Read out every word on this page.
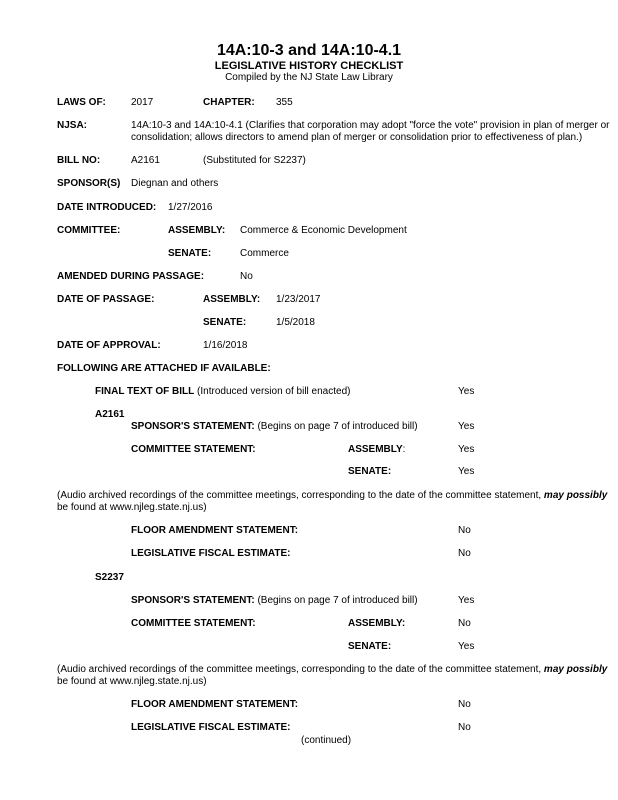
14A:10-3 and 14A:10-4.1
LEGISLATIVE HISTORY CHECKLIST
Compiled by the NJ State Law Library
LAWS OF:	2017	CHAPTER: 355
NJSA:	14A:10-3 and 14A:10-4.1 (Clarifies that corporation may adopt "force the vote" provision in plan of merger or
consolidation; allows directors to amend plan of merger or consolidation prior to effectiveness of plan.)
BILL NO:	A2161	(Substituted for S2237)
SPONSOR(S) Diegnan and others
DATE INTRODUCED: 1/27/2016
COMMITTEE:	ASSEMBLY: Commerce & Economic Development
SENATE:	Commerce
AMENDED DURING PASSAGE:	No
DATE OF PASSAGE:	ASSEMBLY: 1/23/2017
SENATE:	1/5/2018
DATE OF APPROVAL:	1/16/2018
FOLLOWING ARE ATTACHED IF AVAILABLE:
FINAL TEXT OF BILL (Introduced version of bill enacted)	Yes
A2161
SPONSOR'S STATEMENT: (Begins on page 7 of introduced bill)	Yes
COMMITTEE STATEMENT:	ASSEMBLY:	Yes
SENATE:	Yes
(Audio archived recordings of the committee meetings, corresponding to the date of the committee statement, may possibly
be found at www.njleg.state.nj.us)
FLOOR AMENDMENT STATEMENT:	No
LEGISLATIVE FISCAL ESTIMATE:	No
S2237
SPONSOR'S STATEMENT: (Begins on page 7 of introduced bill)	Yes
COMMITTEE STATEMENT:	ASSEMBLY:	No
SENATE:	Yes
(Audio archived recordings of the committee meetings, corresponding to the date of the committee statement, may possibly
be found at www.njleg.state.nj.us)
FLOOR AMENDMENT STATEMENT:	No
LEGISLATIVE FISCAL ESTIMATE:	No
(continued)
